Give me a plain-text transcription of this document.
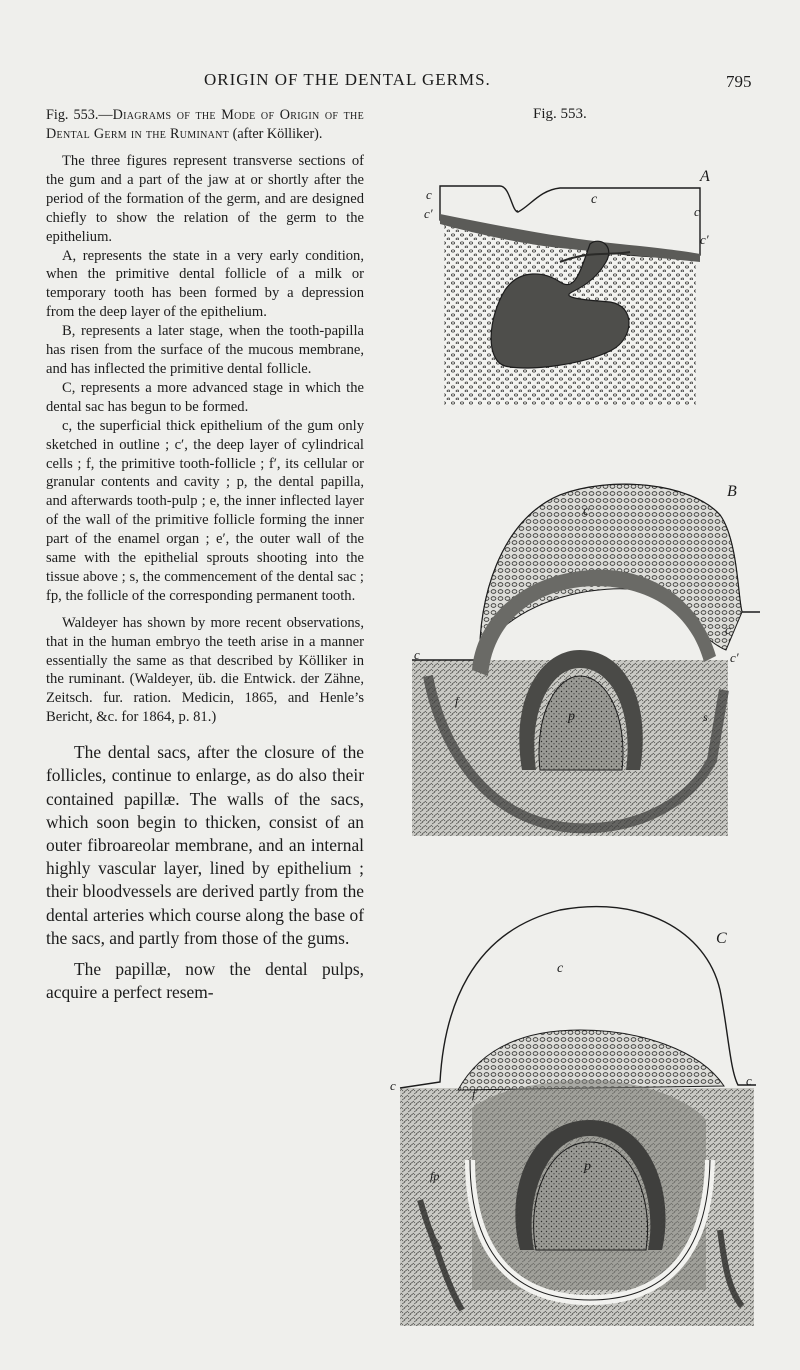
ORIGIN OF THE DENTAL GERMS.	795

Fig. 553.—Diagrams of the Mode of Origin of the Dental Germ in the Ruminant (after Kölliker).

The three figures represent transverse sections of the gum and a part of the jaw at or shortly after the period of the formation of the germ, and are designed chiefly to show the relation of the germ to the epithelium.

A, represents the state in a very early condition, when the primitive dental follicle of a milk or temporary tooth has been formed by a depression from the deep layer of the epithelium.

B, represents a later stage, when the tooth-papilla has risen from the surface of the mucous membrane, and has inflected the primitive dental follicle.

C, represents a more advanced stage in which the dental sac has begun to be formed.

c, the superficial thick epithelium of the gum only sketched in outline ; c′, the deep layer of cylindrical cells ; f, the primitive tooth-follicle ; f′, its cellular or granular contents and cavity ; p, the dental papilla, and afterwards tooth-pulp ; e, the inner inflected layer of the wall of the primitive follicle forming the inner part of the enamel organ ; e′, the outer wall of the same with the epithelial sprouts shooting into the tissue above ; s, the commencement of the dental sac ; fp, the follicle of the corresponding permanent tooth.

Waldeyer has shown by more recent observations, that in the human embryo the teeth arise in a manner essentially the same as that described by Kölliker in the ruminant. (Waldeyer, üb. die Entwick. der Zähne, Zeitsch. fur. ration. Medicin, 1865, and Henle’s Bericht, &c. for 1864, p. 81.)

The dental sacs, after the closure of the follicles, continue to enlarge, as do also their contained papillæ. The walls of the sacs, which soon begin to thicken, consist of an outer fibroareolar membrane, and an internal highly vascular layer, lined by epithelium ; their bloodvessels are derived partly from the dental arteries which course along the base of the sacs, and partly from those of the gums.

The papillæ, now the dental pulps, acquire a perfect resem-

Fig. 553.
A
c
c
c′	c
c′
B
c
c
c′
c
p
f
s
C
c
c	c
fp
p
f
